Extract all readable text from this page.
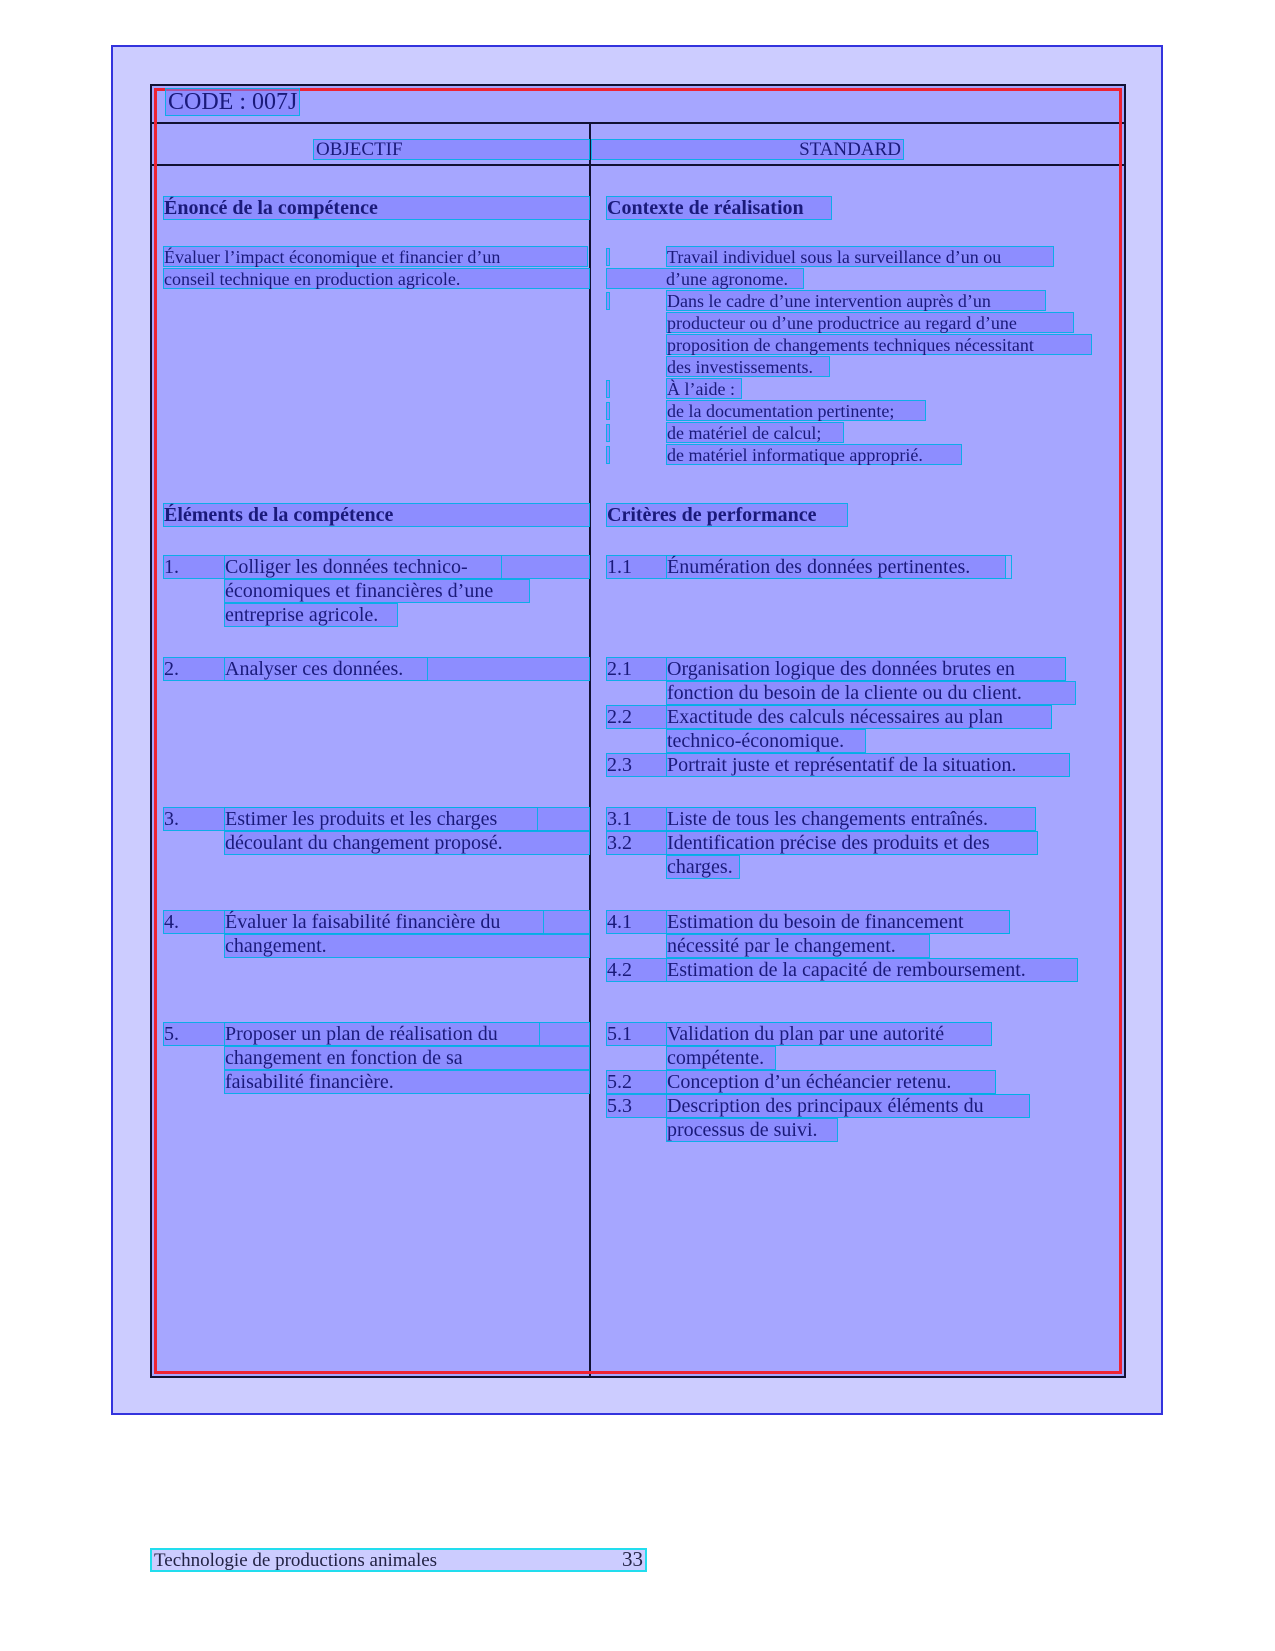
CODE : 007J
OBJECTIF	STANDARD
Énoncé de la compétence
Évaluer l’impact économique et financier d’un
conseil technique en production agricole.
Éléments de la compétence
1.	Colliger les données technico-
économiques et financières d’une
entreprise agricole.
2.	Analyser ces données.
3.	Estimer les produits et les charges
découlant du changement proposé.
4.	Évaluer la faisabilité financière du
changement.
5.	Proposer un plan de réalisation du
changement en fonction de sa
faisabilité financière.
Contexte de réalisation
Travail individuel sous la surveillance d’un ou
d’une agronome.
Dans le cadre d’une intervention auprès d’un
producteur ou d’une productrice au regard d’une
proposition de changements techniques nécessitant
des investissements.
À l’aide :
de la documentation pertinente;
de matériel de calcul;
de matériel informatique approprié.
Critères de performance
1.1	Énumération des données pertinentes.
2.1	Organisation logique des données brutes en
fonction du besoin de la cliente ou du client.
2.2	Exactitude des calculs nécessaires au plan
technico-économique.
2.3	Portrait juste et représentatif de la situation.
3.1	Liste de tous les changements entraînés.
3.2	Identification précise des produits et des
charges.
4.1	Estimation du besoin de financement
nécessité par le changement.
4.2	Estimation de la capacité de remboursement.
5.1	Validation du plan par une autorité
compétente.
5.2	Conception d’un échéancier retenu.
5.3	Description des principaux éléments du
processus de suivi.
Technologie de productions animales	33
